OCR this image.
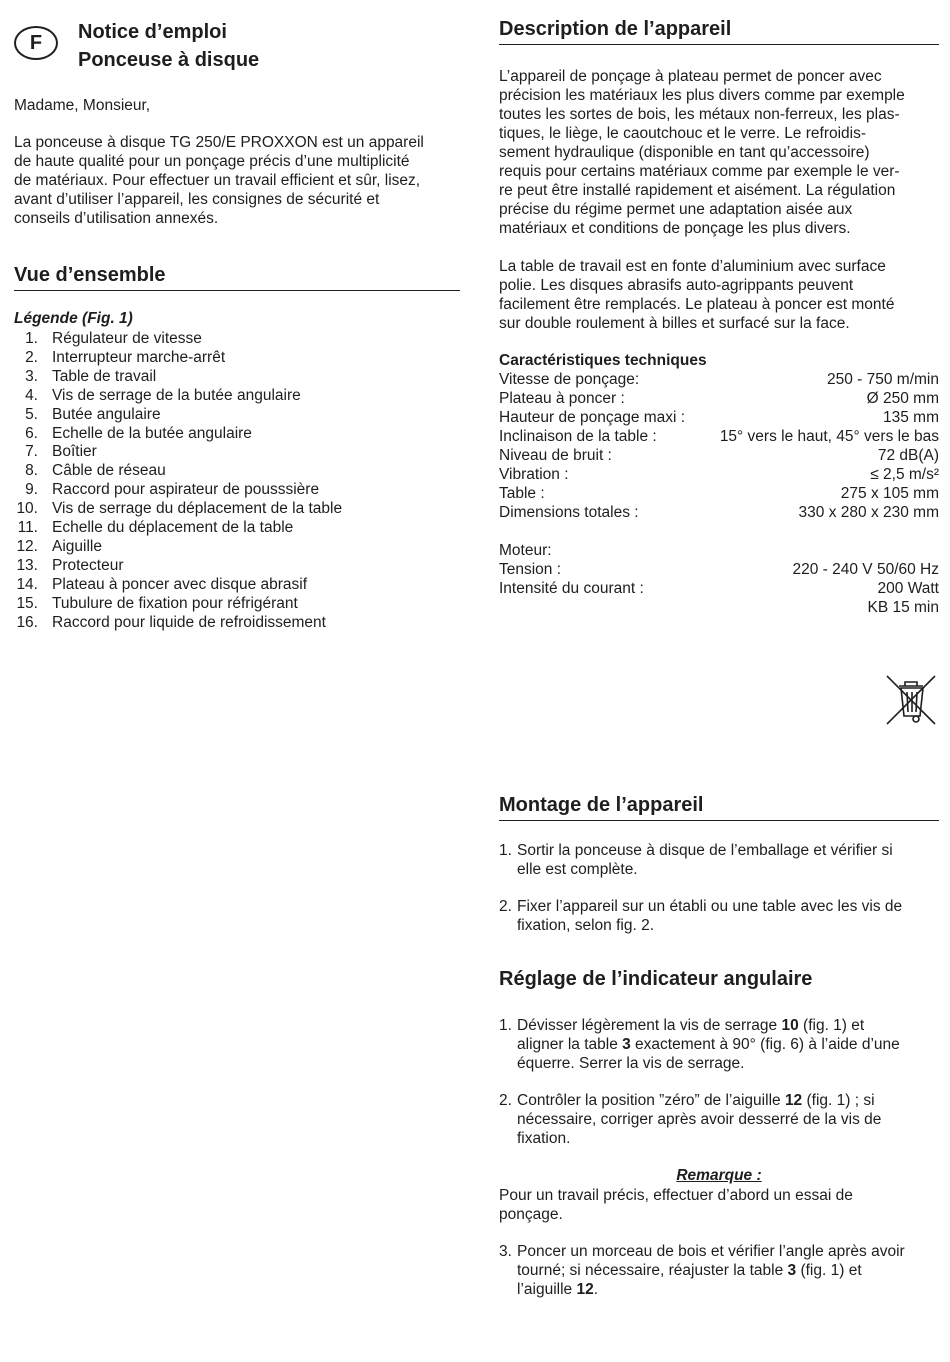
F	Notice d’emploi
Ponceuse à disque

Madame, Monsieur,

La ponceuse à disque TG 250/E PROXXON est un appareil

de haute qualité pour un ponçage précis d’une multiplicité

de matériaux. Pour effectuer un travail efficient et sûr, lisez,

avant d’utiliser l’appareil, les consignes de sécurité et

conseils d’utilisation annexés.

Vue d’ensemble
Légende (Fig. 1)
1. Régulateur de vitesse
2. Interrupteur marche-arrêt
3. Table de travail
4. Vis de serrage de la butée angulaire
5. Butée angulaire
6. Echelle de la butée angulaire
7. Boîtier
8. Câble de réseau
9. Raccord pour aspirateur de pousssière
10. Vis de serrage du déplacement de la table
11. Echelle du déplacement de la table
12. Aiguille
13. Protecteur
14. Plateau à poncer avec disque abrasif
15. Tubulure de fixation pour réfrigérant
16. Raccord pour liquide de refroidissement
Description de l’appareil

L’appareil de ponçage à plateau permet de poncer avec

précision les matériaux les plus divers comme par exemple

toutes les sortes de bois, les métaux non-ferreux, les plas-

tiques, le liège, le caoutchouc et le verre. Le refroidis-

sement hydraulique (disponible en tant qu’accessoire)

requis pour certains matériaux comme par exemple le ver-

re peut être installé rapidement et aisément. La régulation

précise du régime permet une adaptation aisée aux

matériaux et conditions de ponçage les plus divers.

La table de travail est en fonte d’aluminium avec surface

polie. Les disques abrasifs auto-agrippants peuvent

facilement être remplacés. Le plateau à poncer est monté

sur double roulement à billes et surfacé sur la face.

Caractéristiques techniques
Vitesse de ponçage:	250 - 750 m/min
Plateau à poncer :	Ø 250 mm
Hauteur de ponçage maxi :	135 mm
Inclinaison de la table :	15° vers le haut, 45° vers le bas
Niveau de bruit :	72 dB(A)
Vibration :	≤ 2,5 m/s²
Table :	275 x 105 mm
Dimensions totales :	330 x 280 x 230 mm
Moteur:
Tension :	220 - 240 V 50/60 Hz
Intensité du courant :	200 Watt
KB 15 min
Montage de l’appareil
1. Sortir la ponceuse à disque de l’emballage et vérifier si
elle est complète.
2. Fixer l’appareil sur un établi ou une table avec les vis de
fixation, selon fig. 2.
Réglage de l’indicateur angulaire
1. Dévisser légèrement la vis de serrage 10 (fig. 1) et
aligner la table 3 exactement à 90° (fig. 6) à l’aide d’une
équerre. Serrer la vis de serrage.
2. Contrôler la position ”zéro” de l’aiguille 12 (fig. 1) ; si
nécessaire, corriger après avoir desserré de la vis de
fixation.
Remarque :

Pour un travail précis, effectuer d’abord un essai de

ponçage.

3. Poncer un morceau de bois et vérifier l’angle après avoir
tourné; si nécessaire, réajuster la table 3 (fig. 1) et
l’aiguille 12.
